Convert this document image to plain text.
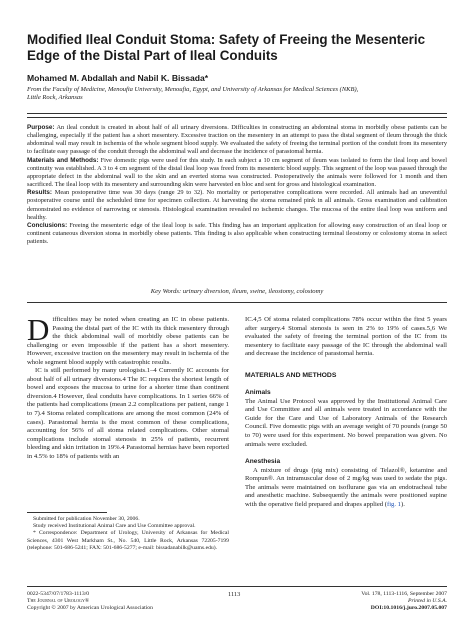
Modified Ileal Conduit Stoma: Safety of Freeing the Mesenteric Edge of the Distal Part of Ileal Conduits
Mohamed M. Abdallah and Nabil K. Bissada*
From the Faculty of Medicine, Menoufia University, Menoufia, Egypt, and University of Arkansas for Medical Sciences (NKB),
Little Rock, Arkansas

Purpose: An ileal conduit is created in about half of all urinary diversions. Difficulties in constructing an abdominal stoma in morbidly obese patients can be challenging, especially if the patient has a short mesentery. Excessive traction on the mesentery in an attempt to pass the distal segment of ileum through the thick abdominal wall may result in ischemia of the whole segment blood supply. We evaluated the safety of freeing the terminal portion of the conduit from its mesentery to facilitate easy passage of the conduit through the abdominal wall and decrease the incidence of parastomal hernia.

Materials and Methods: Five domestic pigs were used for this study. In each subject a 10 cm segment of ileum was isolated to form the ileal loop and bowel continuity was established. A 3 to 4 cm segment of the distal ileal loop was freed from its mesenteric blood supply. This segment of the loop was passed through the appropriate defect in the abdominal wall to the skin and an everted stoma was constructed. Postoperatively the animals were followed for 1 month and then sacrificed. The ileal loop with its mesentery and surrounding skin were harvested en bloc and sent for gross and histological examination.

Results: Mean postoperative time was 30 days (range 29 to 32). No mortality or perioperative complications were recorded. All animals had an uneventful postoperative course until the scheduled time for specimen collection. At harvesting the stoma remained pink in all animals. Gross examination and calibration demonstrated no evidence of narrowing or stenosis. Histological examination revealed no ischemic changes. The mucosa of the entire ileal loop was uniform and healthy.

Conclusions: Freeing the mesenteric edge of the ileal loop is safe. This finding has an important application for allowing easy construction of an ileal loop or continent cutaneous diversion stoma in morbidly obese patients. This finding is also applicable when constructing terminal ileostomy or colostomy stoma in select patients.

Key Words: urinary diversion, ileum, swine, ileostomy, colostomy

Difficulties may be noted when creating an IC in obese patients. Passing the distal part of the IC with its thick mesentery through the thick abdominal wall of morbidly obese patients can be challenging or even impossible if the patient has a short mesentery. However, excessive traction on the mesentery may result in ischemia of the whole segment blood supply with catastrophic results.

IC is still performed by many urologists.1–4 Currently IC accounts for about half of all urinary diversions.4 The IC requires the shortest length of bowel and exposes the mucosa to urine for a shorter time than continent diversion.4 However, ileal conduits have complications. In 1 series 66% of the patients had complications (mean 2.2 complications per patient, range 1 to 7).4 Stoma related complications are among the most common (24% of cases). Parastomal hernia is the most common of these complications, accounting for 56% of all stoma related complications. Other stomal complications include stomal stenosis in 25% of patients, recurrent bleeding and skin irritation in 19%.4 Parastomal hernias have been reported in 4.5% to 18% of patients with an

IC.4,5 Of stoma related complications 78% occur within the first 5 years after surgery.4 Stomal stenosis is seen in 2% to 19% of cases.5,6 We evaluated the safety of freeing the terminal portion of the IC from its mesentery to facilitate easy passage of the IC through the abdominal wall and decrease the incidence of parastomal hernia.

MATERIALS AND METHODS

Animals

The Animal Use Protocol was approved by the Institutional Animal Care and Use Committee and all animals were treated in accordance with the Guide for the Care and Use of Laboratory Animals of the Research Council. Five domestic pigs with an average weight of 70 pounds (range 50 to 70) were used for this experiment. No bowel preparation was given. No animals were excluded.

Anesthesia

A mixture of drugs (pig mix) consisting of Telazol®, ketamine and Rompun®. An intramuscular dose of 2 mg/kg was used to sedate the pigs. The animals were maintained on isoflurane gas via an endotracheal tube and anesthetic machine. Subsequently the animals were positioned supine with the operative field prepared and drapes applied (fig. 1).

Submitted for publication November 30, 2006.

Study received Institutional Animal Care and Use Committee approval.

* Correspondence: Department of Urology, University of Arkansas for Medical Sciences, 4301 West Markham St., No. 540, Little Rock, Arkansas 72205-7199 (telephone: 501-686-5241; FAX: 501-686-5277; e-mail: bissadanabilk@uams.edu).

0022-5347/07/1783-1113/0
The Journal of Urology®
Copyright © 2007 by American Urological Association
1113	Vol. 178, 1113-1116, September 2007
Printed in U.S.A.
DOI:10.1016/j.juro.2007.05.007
